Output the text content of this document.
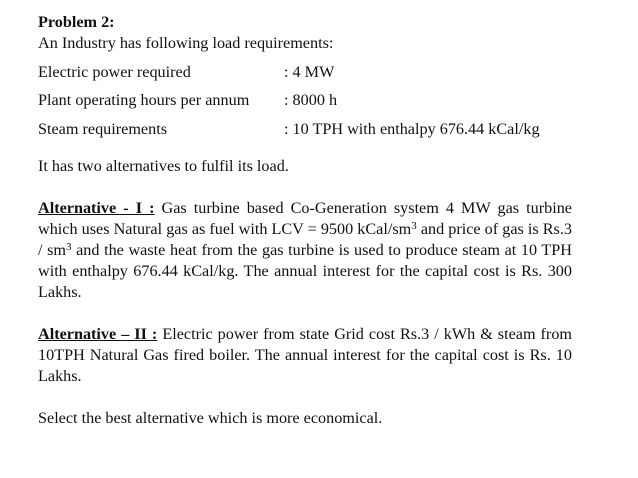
Problem 2:
An Industry has following load requirements:
Electric power required	: 4 MW
Plant operating hours per annum	: 8000 h
Steam requirements	: 10 TPH with enthalpy 676.44 kCal/kg
It has two alternatives to fulfil its load.

Alternative - I : Gas turbine based Co-Generation system 4 MW gas turbine which uses Natural gas as fuel with LCV = 9500 kCal/$sm^3$ and price of gas is $Rs.3 / sm^3$ and the waste heat from the gas turbine is used to produce steam at 10 TPH with enthalpy 676.44 kCal/kg. The annual interest for the capital cost is Rs. 300 Lakhs.

Alternative – II : Electric power from state Grid cost Rs.3 / kWh & steam from 10TPH Natural Gas fired boiler. The annual interest for the capital cost is Rs. 10 Lakhs.

Select the best alternative which is more economical.
